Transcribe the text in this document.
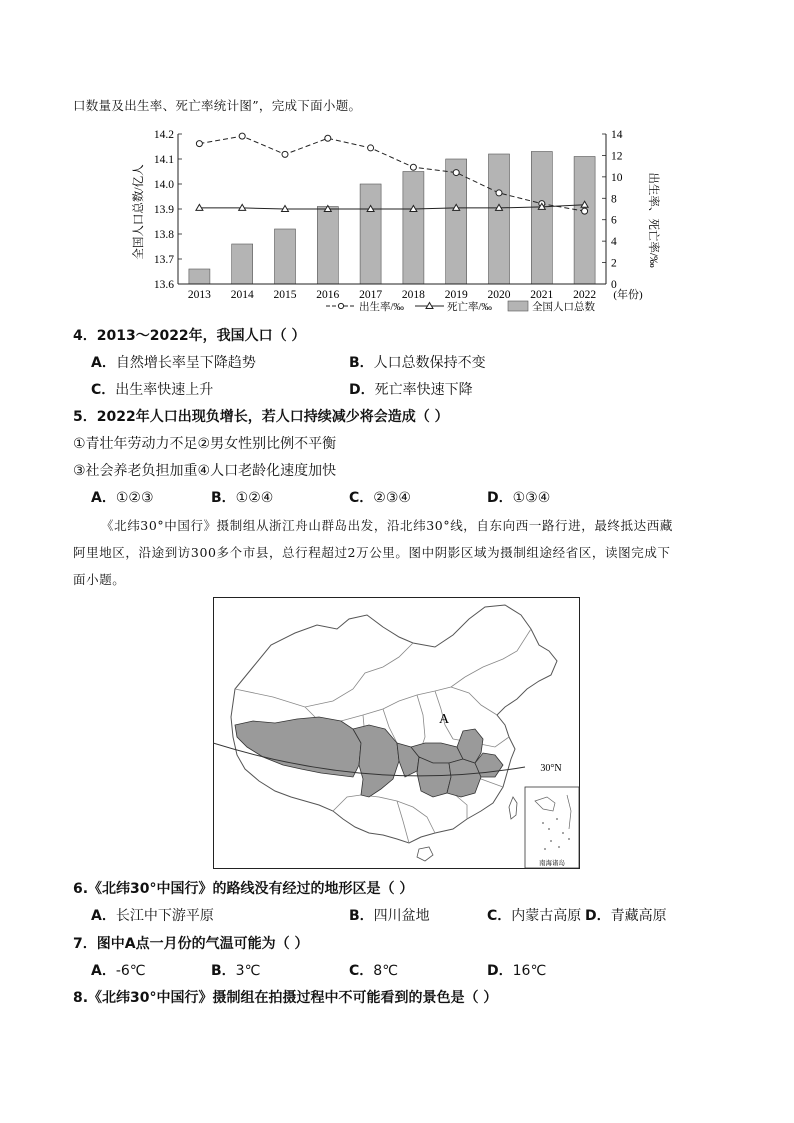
口数量及出生率、死亡率统计图”，完成下面小题。
13.6
13.7
13.8
13.9
14.0
14.1
14.2
0
2
4
6
8
10
12
14
2013 2014 2015 2016 2017 2018 2019 2020 2021 2022 (年份)
全国人口总数/亿人	出生率、死亡率/‰
出生率/‰	死亡率/‰	全国人口总数
4．2013～2022年，我国人口（ ）
A．自然增长率呈下降趋势	B．人口总数保持不变
C．出生率快速上升	D．死亡率快速下降
5．2022年人口出现负增长，若人口持续减少将会造成（ ）
①青壮年劳动力不足②男女性别比例不平衡
③社会养老负担加重④人口老龄化速度加快
A．①②③	B．①②④	C．②③④	D．①③④
《北纬30°中国行》摄制组从浙江舟山群岛出发，沿北纬30°线，自东向西一路行进，最终抵达西藏
阿里地区，沿途到访300多个市县，总行程超过2万公里。图中阴影区域为摄制组途经省区，读图完成下
面小题。
30°N
A
南海诸岛
6.《北纬30°中国行》的路线没有经过的地形区是（ ）
A．长江中下游平原	B．四川盆地	C．内蒙古高原 D．青藏高原
7．图中A点一月份的气温可能为（ ）
A．-6℃	B．3℃	C．8℃	D．16℃
8.《北纬30°中国行》摄制组在拍摄过程中不可能看到的景色是（ ）
